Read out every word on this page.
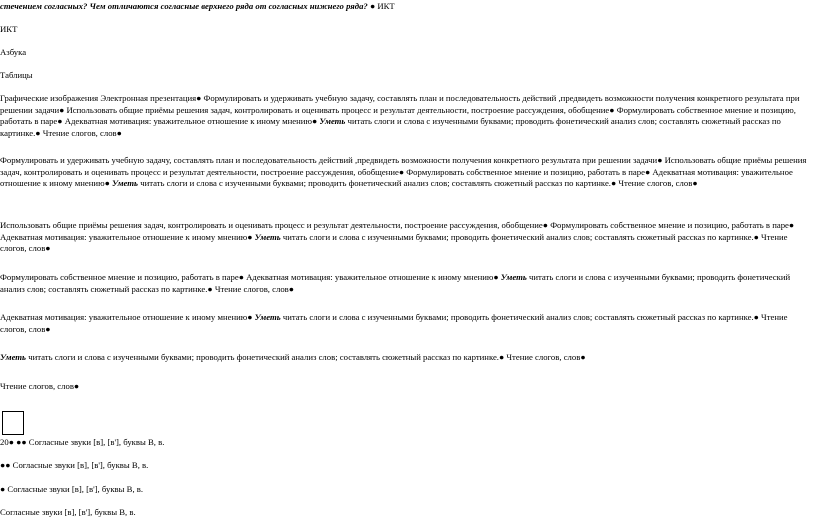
стечением согласных? Чем отличаются согласные верхнего ряда от согласных нижнего ряда? ● ИКТ
ИКТ
Азбука
Таблицы
Графические изображения Электронная презентация● Формулировать и удерживать учебную задачу, составлять план и последовательность действий ,предвидеть возможности получения конкретного результата при решении задачи● Использовать общие приёмы решения задач, контролировать и оценивать процесс и результат деятельности, построение рассуждения, обобщение● Формулировать собственное мнение и позицию, работать в паре● Адекватная мотивация: уважительное отношение к иному мнению● Уметь читать слоги и слова с изученными буквами; проводить фонетический анализ слов; составлять сюжетный рассказ по картинке.● Чтение слогов, слов●
Формулировать и удерживать учебную задачу, составлять план и последовательность действий ,предвидеть возможности получения конкретного результата при решении задачи● Использовать общие приёмы решения задач, контролировать и оценивать процесс и результат деятельности, построение рассуждения, обобщение● Формулировать собственное мнение и позицию, работать в паре● Адекватная мотивация: уважительное отношение к иному мнению● Уметь читать слоги и слова с изученными буквами; проводить фонетический анализ слов; составлять сюжетный рассказ по картинке.● Чтение слогов, слов●
Использовать общие приёмы решения задач, контролировать и оценивать процесс и результат деятельности, построение рассуждения, обобщение● Формулировать собственное мнение и позицию, работать в паре● Адекватная мотивация: уважительное отношение к иному мнению● Уметь читать слоги и слова с изученными буквами; проводить фонетический анализ слов; составлять сюжетный рассказ по картинке.● Чтение слогов, слов●
Формулировать собственное мнение и позицию, работать в паре● Адекватная мотивация: уважительное отношение к иному мнению● Уметь читать слоги и слова с изученными буквами; проводить фонетический анализ слов; составлять сюжетный рассказ по картинке.● Чтение слогов, слов●
Адекватная мотивация: уважительное отношение к иному мнению● Уметь читать слоги и слова с изученными буквами; проводить фонетический анализ слов; составлять сюжетный рассказ по картинке.● Чтение слогов, слов●
Уметь читать слоги и слова с изученными буквами; проводить фонетический анализ слов; составлять сюжетный рассказ по картинке.● Чтение слогов, слов●
Чтение слогов, слов●
20● ●● Согласные звуки [в], [в'], буквы В, в.
●● Согласные звуки [в], [в'], буквы В, в.
● Согласные звуки [в], [в'], буквы В, в.
Согласные звуки [в], [в'], буквы В, в.
